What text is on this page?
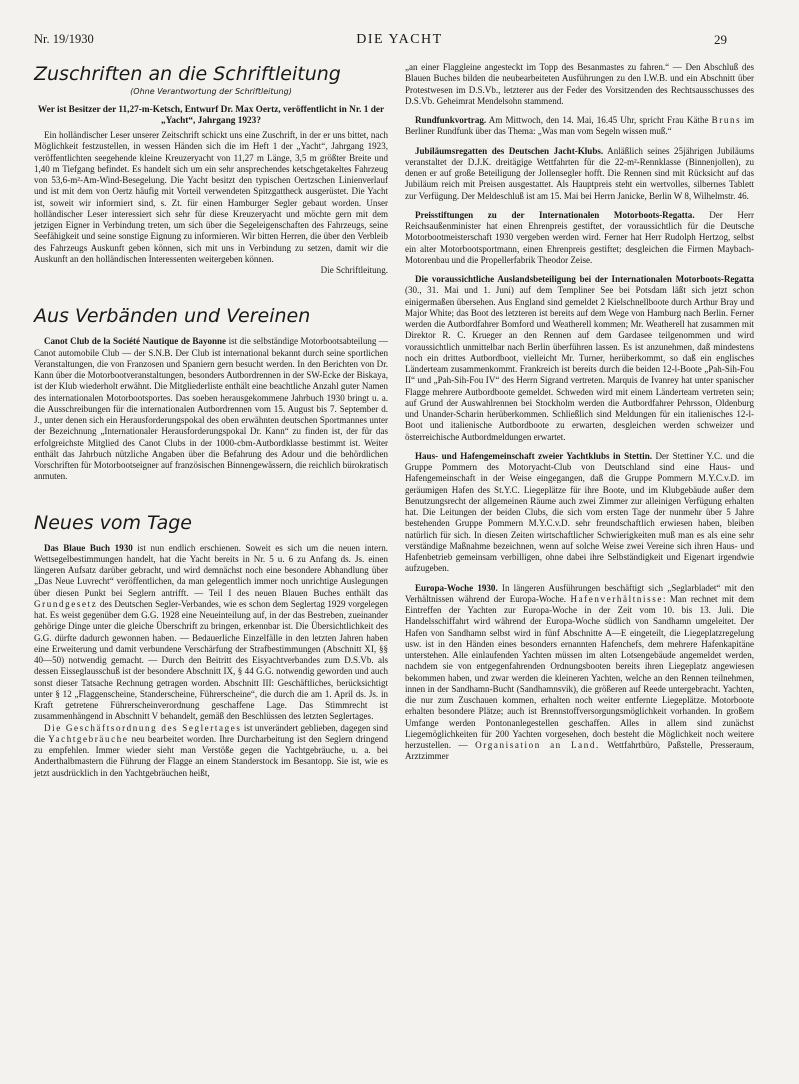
Nr. 19/1930	DIE YACHT	29
Zuschriften an die Schriftleitung
(Ohne Verantwortung der Schriftleitung)
Wer ist Besitzer der 11,27-m-Ketsch, Entwurf Dr. Max Oertz, veröffentlicht in Nr. 1 der „Yacht“, Jahrgang 1923?

Ein holländischer Leser unserer Zeitschrift schickt uns eine Zuschrift, in der er uns bittet, nach Möglichkeit festzustellen, in wessen Händen sich die im Heft 1 der „Yacht“, Jahrgang 1923, veröffentlichten seegehende kleine Kreuzeryacht von 11,27 m Länge, 3,5 m größter Breite und 1,40 m Tiefgang befindet. Es handelt sich um ein sehr ansprechendes ketschgetakeltes Fahrzeug von 53,6-m²-Am-Wind-Besegelung. Die Yacht besitzt den typischen Oertzschen Linienverlauf und ist mit dem von Oertz häufig mit Vorteil verwendeten Spitzgattheck ausgerüstet. Die Yacht ist, soweit wir informiert sind, s. Zt. für einen Hamburger Segler gebaut worden. Unser holländischer Leser interessiert sich sehr für diese Kreuzeryacht und möchte gern mit dem jetzigen Eigner in Verbindung treten, um sich über die Segeleigenschaften des Fahrzeugs, seine Seefähigkeit und seine sonstige Eignung zu informieren. Wir bitten Herren, die über den Verbleib des Fahrzeugs Auskunft geben können, sich mit uns in Verbindung zu setzen, damit wir die Auskunft an den holländischen Interessenten weitergeben können.

Die Schriftleitung.

Aus Verbänden und Vereinen

Canot Club de la Société Nautique de Bayonne ist die selbständige Motorbootsabteilung — Canot automobile Club — der S.N.B. Der Club ist international bekannt durch seine sportlichen Veranstaltungen, die von Franzosen und Spaniern gern besucht werden. In den Berichten von Dr. Kann über die Motorbootveranstaltungen, besonders Autbordrennen in der SW-Ecke der Biskaya, ist der Klub wiederholt erwähnt. Die Mitgliederliste enthält eine beachtliche Anzahl guter Namen des internationalen Motorbootsportes. Das soeben herausgekommene Jahrbuch 1930 bringt u. a. die Ausschreibungen für die internationalen Autbordrennen vom 15. August bis 7. September d. J., unter denen sich ein Herausforderungspokal des oben erwähnten deutschen Sportmannes unter der Bezeichnung „Internationaler Herausforderungspokal Dr. Kann“ zu finden ist, der für das erfolgreichste Mitglied des Canot Clubs in der 1000-cbm-Autbordklasse bestimmt ist. Weiter enthält das Jahrbuch nützliche Angaben über die Befahrung des Adour und die behördlichen Vorschriften für Motorbootseigner auf französischen Binnengewässern, die reichlich bürokratisch anmuten.

Neues vom Tage

Das Blaue Buch 1930 ist nun endlich erschienen. Soweit es sich um die neuen intern. Wettsegelbestimmungen handelt, hat die Yacht bereits in Nr. 5 u. 6 zu Anfang ds. Js. einen längeren Aufsatz darüber gebracht, und wird demnächst noch eine besondere Abhandlung über „Das Neue Luvrecht“ veröffentlichen, da man gelegentlich immer noch unrichtige Auslegungen über diesen Punkt bei Seglern antrifft. — Teil I des neuen Blauen Buches enthält das Grundgesetz des Deutschen Segler-Verbandes, wie es schon dem Seglertag 1929 vorgelegen hat. Es weist gegenüber dem G.G. 1928 eine Neueinteilung auf, in der das Bestreben, zueinander gehörige Dinge unter die gleiche Überschrift zu bringen, erkennbar ist. Die Übersichtlichkeit des G.G. dürfte dadurch gewonnen haben. — Bedauerliche Einzelfälle in den letzten Jahren haben eine Erweiterung und damit verbundene Verschärfung der Strafbestimmungen (Abschnitt XI, §§ 40—50) notwendig gemacht. — Durch den Beitritt des Eisyachtverbandes zum D.S.Vb. als dessen Eisseglausschuß ist der besondere Abschnitt IX, § 44 G.G. notwendig geworden und auch sonst dieser Tatsache Rechnung getragen worden. Abschnitt III: Geschäftliches, berücksichtigt unter § 12 „Flaggenscheine, Standerscheine, Führerscheine“, die durch die am 1. April ds. Js. in Kraft getretene Führerscheinverordnung geschaffene Lage. Das Stimmrecht ist zusammenhängend in Abschnitt V behandelt, gemäß den Beschlüssen des letzten Seglertages.

Die Geschäftsordnung des Seglertages ist unverändert geblieben, dagegen sind die Yachtgebräuche neu bearbeitet worden. Ihre Durcharbeitung ist den Seglern dringend zu empfehlen. Immer wieder sieht man Verstöße gegen die Yachtgebräuche, u. a. bei Anderthalbmastern die Führung der Flagge an einem Standerstock im Besantopp. Sie ist, wie es jetzt ausdrücklich in den Yachtgebräuchen heißt,

„an einer Flaggleine angesteckt im Topp des Besanmastes zu fahren.“ — Den Abschluß des Blauen Buches bilden die neubearbeiteten Ausführungen zu den I.W.B. und ein Abschnitt über Protestwesen im D.S.Vb., letzterer aus der Feder des Vorsitzenden des Rechtsausschusses des D.S.Vb. Geheimrat Mendelsohn stammend.

Rundfunkvortrag. Am Mittwoch, den 14. Mai, 16.45 Uhr, spricht Frau Käthe Bruns im Berliner Rundfunk über das Thema: „Was man vom Segeln wissen muß.“

Jubiläumsregatten des Deutschen Jacht-Klubs. Anläßlich seines 25jährigen Jubiläums veranstaltet der D.J.K. dreitägige Wettfahrten für die 22-m²-Rennklasse (Binnenjollen), zu denen er auf große Beteiligung der Jollensegler hofft. Die Rennen sind mit Rücksicht auf das Jubiläum reich mit Preisen ausgestattet. Als Hauptpreis steht ein wertvolles, silbernes Tablett zur Verfügung. Der Meldeschluß ist am 15. Mai bei Herrn Janicke, Berlin W 8, Wilhelmstr. 46.

Preisstiftungen zu der Internationalen Motorboots-Regatta. Der Herr Reichsaußenminister hat einen Ehrenpreis gestiftet, der voraussichtlich für die Deutsche Motorbootmeisterschaft 1930 vergeben werden wird. Ferner hat Herr Rudolph Hertzog, selbst ein alter Motorbootsportmann, einen Ehrenpreis gestiftet; desgleichen die Firmen Maybach-Motorenbau und die Propellerfabrik Theodor Zeise.

Die voraussichtliche Auslandsbeteiligung bei der Internationalen Motorboots-Regatta (30., 31. Mai und 1. Juni) auf dem Templiner See bei Potsdam läßt sich jetzt schon einigermaßen übersehen. Aus England sind gemeldet 2 Kielschnellboote durch Arthur Bray und Major White; das Boot des letzteren ist bereits auf dem Wege von Hamburg nach Berlin. Ferner werden die Autbordfahrer Bomford und Weatherell kommen; Mr. Weatherell hat zusammen mit Direktor R. C. Krueger an den Rennen auf dem Gardasee teilgenommen und wird voraussichtlich unmittelbar nach Berlin überführen lassen. Es ist anzunehmen, daß mindestens noch ein drittes Autbordboot, vielleicht Mr. Turner, herüberkommt, so daß ein englisches Länderteam zusammenkommt. Frankreich ist bereits durch die beiden 12-l-Boote „Pah-Sih-Fou II“ und „Pah-Sih-Fou IV“ des Herrn Sigrand vertreten. Marquis de Ivanrey hat unter spanischer Flagge mehrere Autbordboote gemeldet. Schweden wird mit einem Länderteam vertreten sein; auf Grund der Auswahlrennen bei Stockholm werden die Autbordfahrer Pehrsson, Oldenburg und Unander-Scharin herüberkommen. Schließlich sind Meldungen für ein italienisches 12-l-Boot und italienische Autbordboote zu erwarten, desgleichen werden schweizer und österreichische Autbordmeldungen erwartet.

Haus- und Hafengemeinschaft zweier Yachtklubs in Stettin. Der Stettiner Y.C. und die Gruppe Pommern des Motoryacht-Club von Deutschland sind eine Haus- und Hafengemeinschaft in der Weise eingegangen, daß die Gruppe Pommern M.Y.C.v.D. im geräumigen Hafen des St.Y.C. Liegeplätze für ihre Boote, und im Klubgebäude außer dem Benutzungsrecht der allgemeinen Räume auch zwei Zimmer zur alleinigen Verfügung erhalten hat. Die Leitungen der beiden Clubs, die sich vom ersten Tage der nunmehr über 5 Jahre bestehenden Gruppe Pommern M.Y.C.v.D. sehr freundschaftlich erwiesen haben, bleiben natürlich für sich. In diesen Zeiten wirtschaftlicher Schwierigkeiten muß man es als eine sehr verständige Maßnahme bezeichnen, wenn auf solche Weise zwei Vereine sich ihren Haus- und Hafenbetrieb gemeinsam verbilligen, ohne dabei ihre Selbständigkeit und Eigenart irgendwie aufzugeben.

Europa-Woche 1930. In längeren Ausführungen beschäftigt sich „Seglarbladet“ mit den Verhältnissen während der Europa-Woche. Hafenverhältnisse: Man rechnet mit dem Eintreffen der Yachten zur Europa-Woche in der Zeit vom 10. bis 13. Juli. Die Handelsschiffahrt wird während der Europa-Woche südlich von Sandhamn umgeleitet. Der Hafen von Sandhamn selbst wird in fünf Abschnitte A—E eingeteilt, die Liegeplatzregelung usw. ist in den Händen eines besonders ernannten Hafenchefs, dem mehrere Hafenkapitäne unterstehen. Alle einlaufenden Yachten müssen im alten Lotsengebäude angemeldet werden, nachdem sie von entgegenfahrenden Ordnungsbooten bereits ihren Liegeplatz angewiesen bekommen haben, und zwar werden die kleineren Yachten, welche an den Rennen teilnehmen, innen in der Sandhamn-Bucht (Sandhamnsvik), die größeren auf Reede untergebracht. Yachten, die nur zum Zuschauen kommen, erhalten noch weiter entfernte Liegeplätze. Motorboote erhalten besondere Plätze; auch ist Brennstoffversorgungsmöglichkeit vorhanden. In großem Umfange werden Pontonanlegestellen geschaffen. Alles in allem sind zunächst Liegemöglichkeiten für 200 Yachten vorgesehen, doch besteht die Möglichkeit noch weitere herzustellen. — Organisation an Land. Wettfahrtbüro, Paßstelle, Presseraum, Arztzimmer
